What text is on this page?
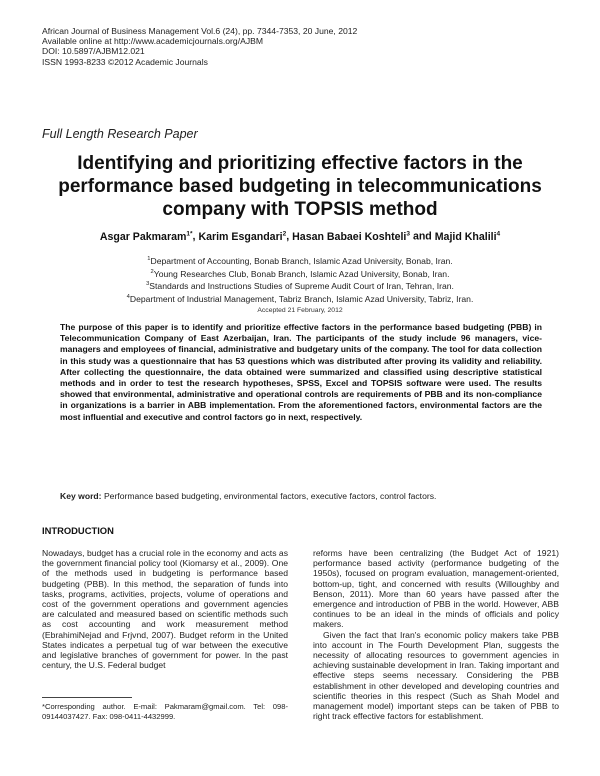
African Journal of Business Management Vol.6 (24), pp. 7344-7353, 20 June, 2012
Available online at http://www.academicjournals.org/AJBM
DOI: 10.5897/AJBM12.021
ISSN 1993-8233 ©2012 Academic Journals
Full Length Research Paper
Identifying and prioritizing effective factors in the performance based budgeting in telecommunications company with TOPSIS method
Asgar Pakmaram$^{1*}$, Karim Esgandari$^2$, Hasan Babaei Koshteli$^3$ and Majid Khalili$^4$
$^1$Department of Accounting, Bonab Branch, Islamic Azad University, Bonab, Iran.
$^2$Young Researches Club, Bonab Branch, Islamic Azad University, Bonab, Iran.
$^3$Standards and Instructions Studies of Supreme Audit Court of Iran, Tehran, Iran.
$^4$Department of Industrial Management, Tabriz Branch, Islamic Azad University, Tabriz, Iran.
Accepted 21 February, 2012
The purpose of this paper is to identify and prioritize effective factors in the performance based budgeting (PBB) in Telecommunication Company of East Azerbaijan, Iran. The participants of the study include 96 managers, vice-managers and employees of financial, administrative and budgetary units of the company. The tool for data collection in this study was a questionnaire that has 53 questions which was distributed after proving its validity and reliability. After collecting the questionnaire, the data obtained were summarized and classified using descriptive statistical methods and in order to test the research hypotheses, SPSS, Excel and TOPSIS software were used. The results showed that environmental, administrative and operational controls are requirements of PBB and its non-compliance in organizations is a barrier in ABB implementation. From the aforementioned factors, environmental factors are the most influential and executive and control factors go in next, respectively.
Key word: Performance based budgeting, environmental factors, executive factors, control factors.
INTRODUCTION

Nowadays, budget has a crucial role in the economy and acts as the government financial policy tool (Kiomarsy et al., 2009). One of the methods used in budgeting is performance based budgeting (PBB). In this method, the separation of funds into tasks, programs, activities, projects, volume of operations and cost of the government operations and government agencies are calculated and measured based on scientific methods such as cost accounting and work measurement method (EbrahimiNejad and Frjvnd, 2007). Budget reform in the United States indicates a perpetual tug of war between the executive and legislative branches of government for power. In the past century, the U.S. Federal budget

reforms have been centralizing (the Budget Act of 1921) performance based activity (performance budgeting of the 1950s), focused on program evaluation, management-oriented, bottom-up, tight, and concerned with results (Willoughby and Benson, 2011). More than 60 years have passed after the emergence and introduction of PBB in the world. However, ABB continues to be an ideal in the minds of officials and policy makers.

Given the fact that Iran's economic policy makers take PBB into account in The Fourth Development Plan, suggests the necessity of allocating resources to government agencies in achieving sustainable development in Iran. Taking important and effective steps seems necessary. Considering the PBB establishment in other developed and developing countries and scientific theories in this respect (Such as Shah Model and management model) important steps can be taken of PBB to right track effective factors for establishment.

*Corresponding author. E-mail: Pakmaram@gmail.com. Tel: 098-09144037427. Fax: 098-0411-4432999.
